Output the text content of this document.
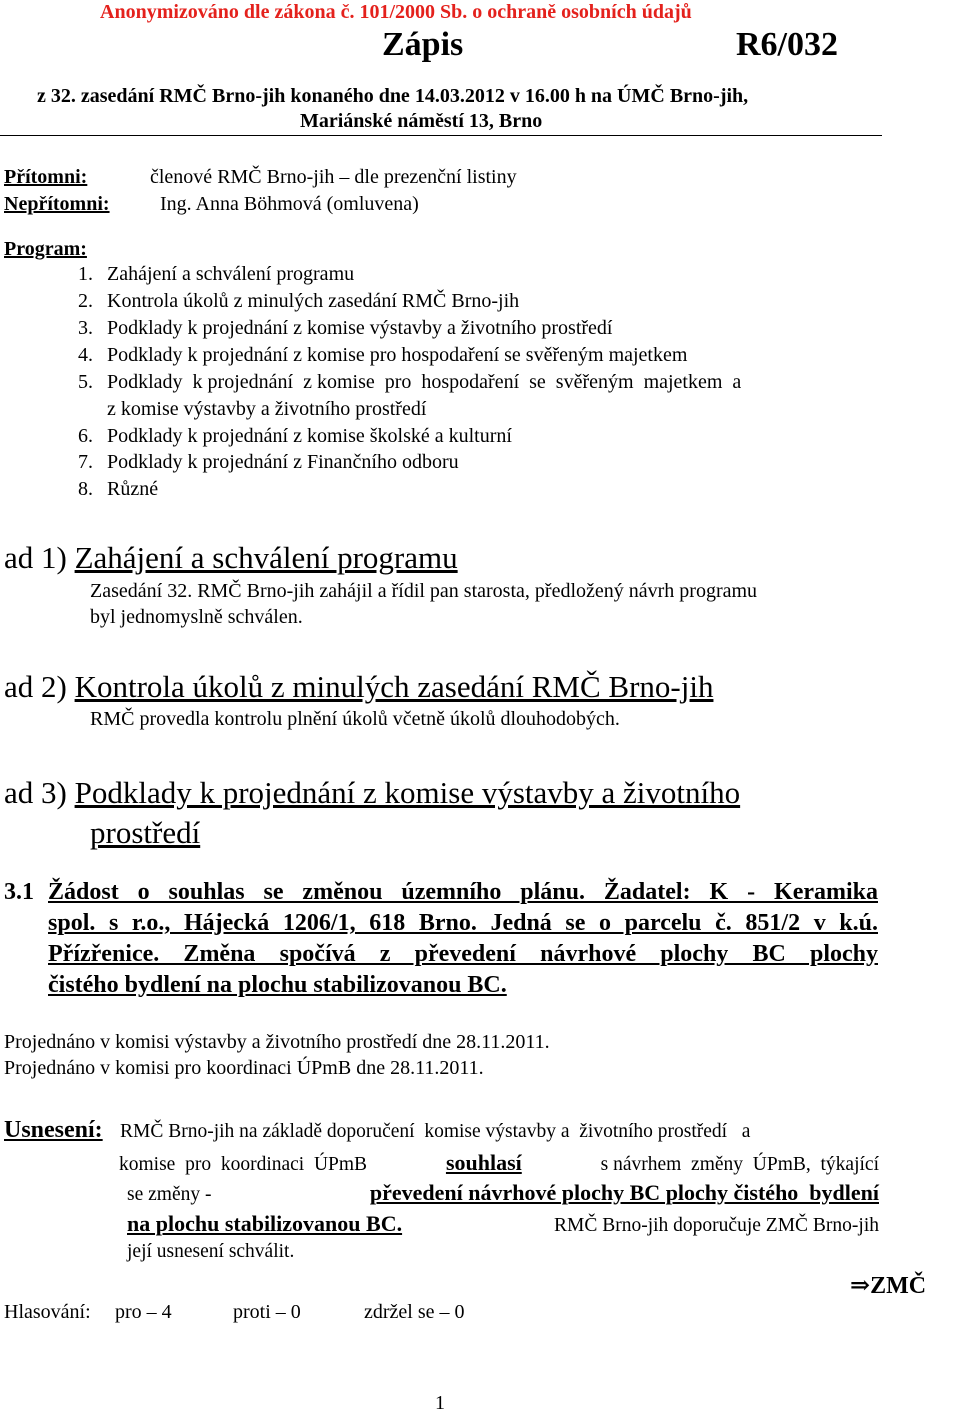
Anonymizováno dle zákona č. 101/2000 Sb. o ochraně osobních údajů
Zápis	R6/032
z 32. zasedání RMČ Brno-jih konaného dne 14.03.2012 v 16.00 h na ÚMČ Brno-jih,
Mariánské náměstí 13, Brno
Přítomni:	členové RMČ Brno-jih – dle prezenční listiny
Nepřítomni:	Ing. Anna Böhmová (omluvena)
Program:
1. Zahájení a schválení programu
2. Kontrola úkolů z minulých zasedání RMČ Brno-jih
3. Podklady k projednání z komise výstavby a životního prostředí
4. Podklady k projednání z komise pro hospodaření se svěřeným majetkem
5. Podklady  k projednání  z komise  pro  hospodaření  se  svěřeným  majetkem  a
z komise výstavby a životního prostředí
6. Podklady k projednání z komise školské a kulturní
7. Podklady k projednání z Finančního odboru
8. Různé
ad 1) Zahájení a schválení programu
Zasedání 32. RMČ Brno-jih zahájil a řídil pan starosta, předložený návrh programu
byl jednomyslně schválen.
ad 2) Kontrola úkolů z minulých zasedání RMČ Brno-jih
RMČ provedla kontrolu plnění úkolů včetně úkolů dlouhodobých.
ad 3) Podklady k projednání z komise výstavby a životního
prostředí
3.1 Žádost o souhlas se změnou územního plánu. Žadatel: K - Keramika
spol. s r.o., Hájecká 1206/1, 618 Brno. Jedná se o parcelu č. 851/2 v k.ú.
Přízřenice. Změna spočívá z převedení návrhové plochy BC plochy
čistého bydlení na plochu stabilizovanou BC.
Projednáno v komisi výstavby a životního prostředí dne 28.11.2011.
Projednáno v komisi pro koordinaci ÚPmB dne 28.11.2011.
Usnesení: RMČ Brno-jih na základě doporučení  komise výstavby a  životního prostředí   a
komise  pro  koordinaci  ÚPmB	souhlasí	s návrhem  změny  ÚPmB,  týkající
se změny -	převedení návrhové plochy BC plochy čistého  bydlení
na plochu stabilizovanou BC.	RMČ Brno-jih doporučuje ZMČ Brno-jih
její usnesení schválit.
⇒ZMČ
Hlasování: pro – 4	proti – 0	zdržel se – 0
1
